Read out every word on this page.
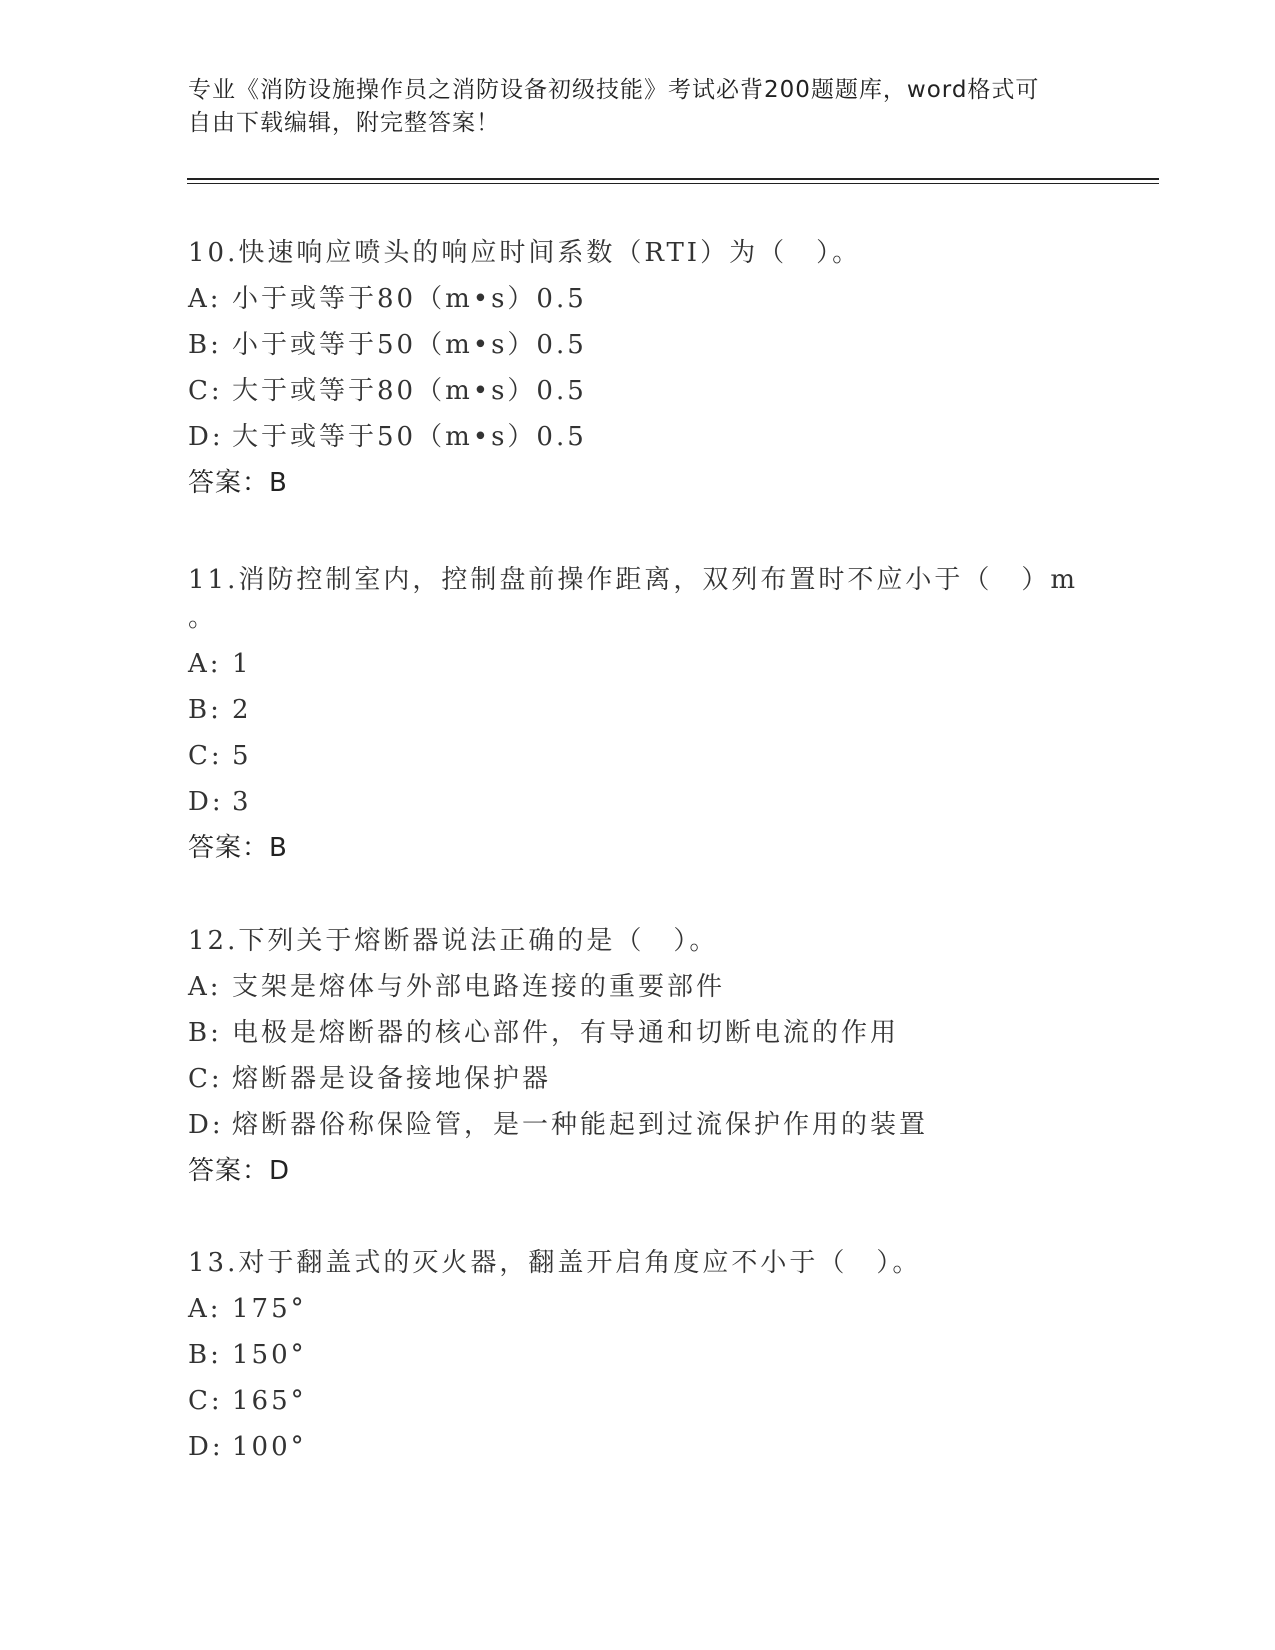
专业《消防设施操作员之消防设备初级技能》考试必背200题题库，word格式可
自由下载编辑，附完整答案！
10.快速响应喷头的响应时间系数（RTI）为（　）。
A: 小于或等于80（m•s）0.5
B: 小于或等于50（m•s）0.5
C: 大于或等于80（m•s）0.5
D: 大于或等于50（m•s）0.5
答案：B
11.消防控制室内，控制盘前操作距离，双列布置时不应小于（　）m
。
A: 1
B: 2
C: 5
D: 3
答案：B
12.下列关于熔断器说法正确的是（　）。
A: 支架是熔体与外部电路连接的重要部件
B: 电极是熔断器的核心部件，有导通和切断电流的作用
C: 熔断器是设备接地保护器
D: 熔断器俗称保险管，是一种能起到过流保护作用的装置
答案：D
13.对于翻盖式的灭火器，翻盖开启角度应不小于（　）。
A: 175°
B: 150°
C: 165°
D: 100°
